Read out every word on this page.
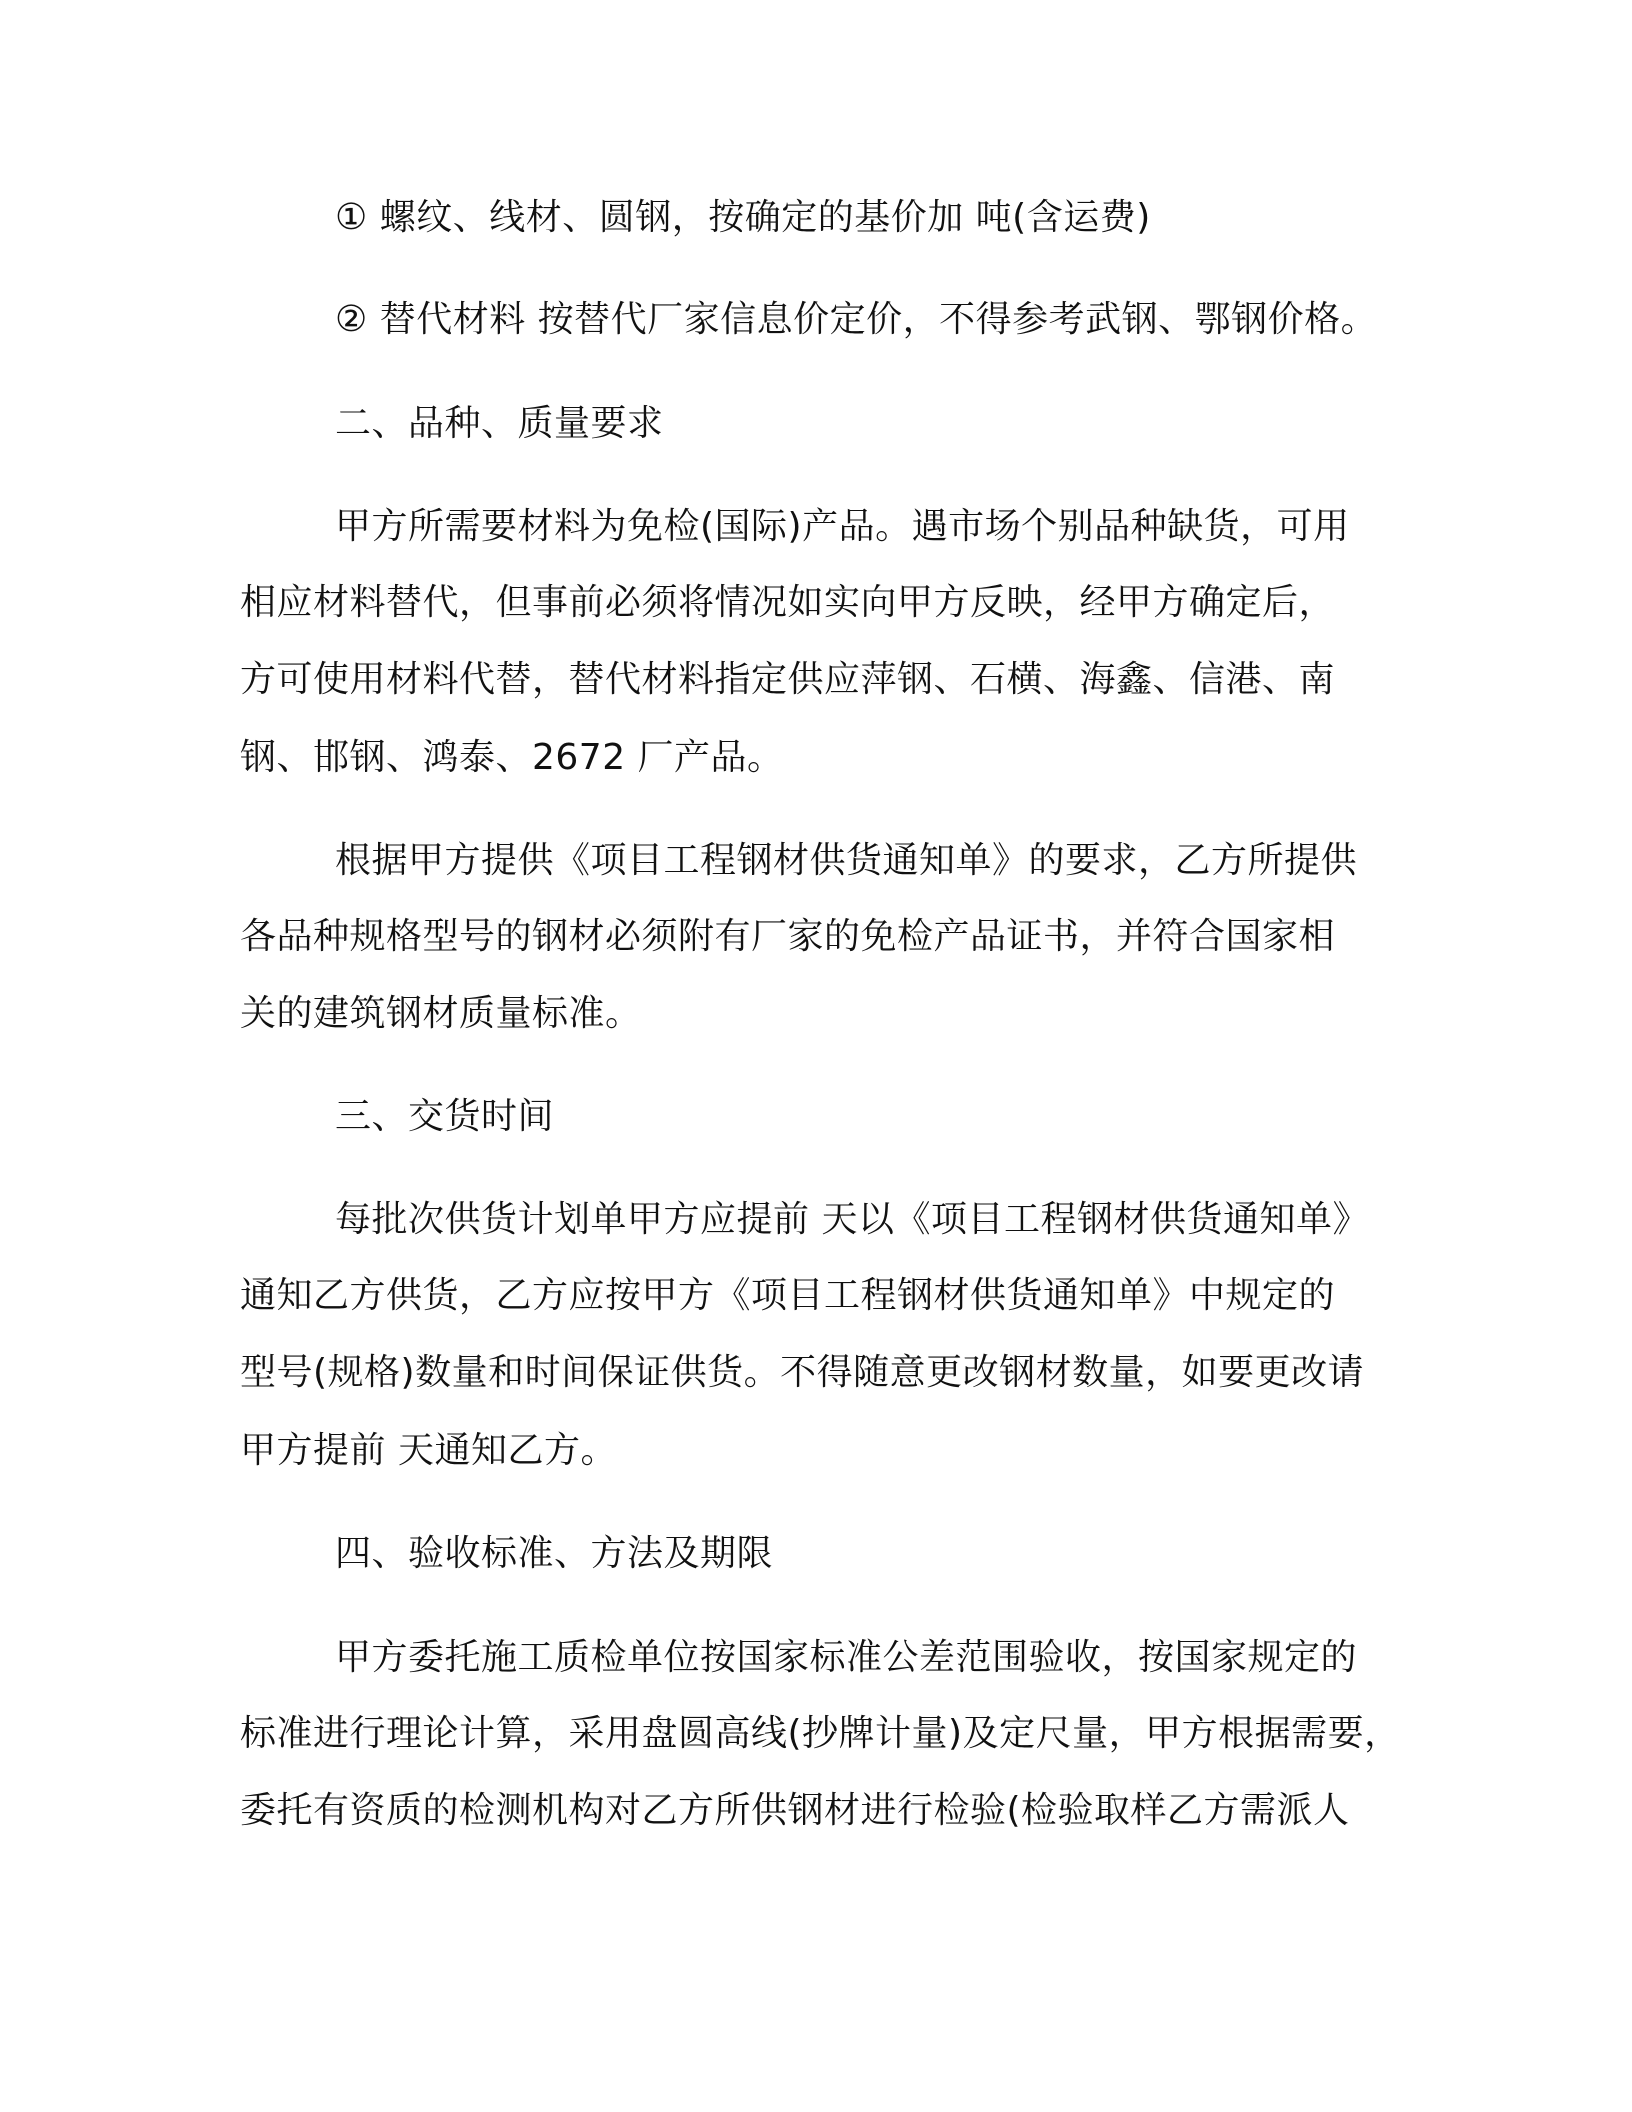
① 螺纹、线材、圆钢，按确定的基价加 吨(含运费)
② 替代材料 按替代厂家信息价定价，不得参考武钢、鄂钢价格。
二、品种、质量要求
甲方所需要材料为免检(国际)产品。遇市场个别品种缺货，可用
相应材料替代，但事前必须将情况如实向甲方反映，经甲方确定后，
方可使用材料代替，替代材料指定供应萍钢、石横、海鑫、信港、南
钢、邯钢、鸿泰、2672 厂产品。
根据甲方提供《项目工程钢材供货通知单》的要求，乙方所提供
各品种规格型号的钢材必须附有厂家的免检产品证书，并符合国家相
关的建筑钢材质量标准。
三、交货时间
每批次供货计划单甲方应提前 天以《项目工程钢材供货通知单》
通知乙方供货，乙方应按甲方《项目工程钢材供货通知单》中规定的
型号(规格)数量和时间保证供货。不得随意更改钢材数量，如要更改请
甲方提前 天通知乙方。
四、验收标准、方法及期限
甲方委托施工质检单位按国家标准公差范围验收，按国家规定的
标准进行理论计算，采用盘圆高线(抄牌计量)及定尺量，甲方根据需要，
委托有资质的检测机构对乙方所供钢材进行检验(检验取样乙方需派人
